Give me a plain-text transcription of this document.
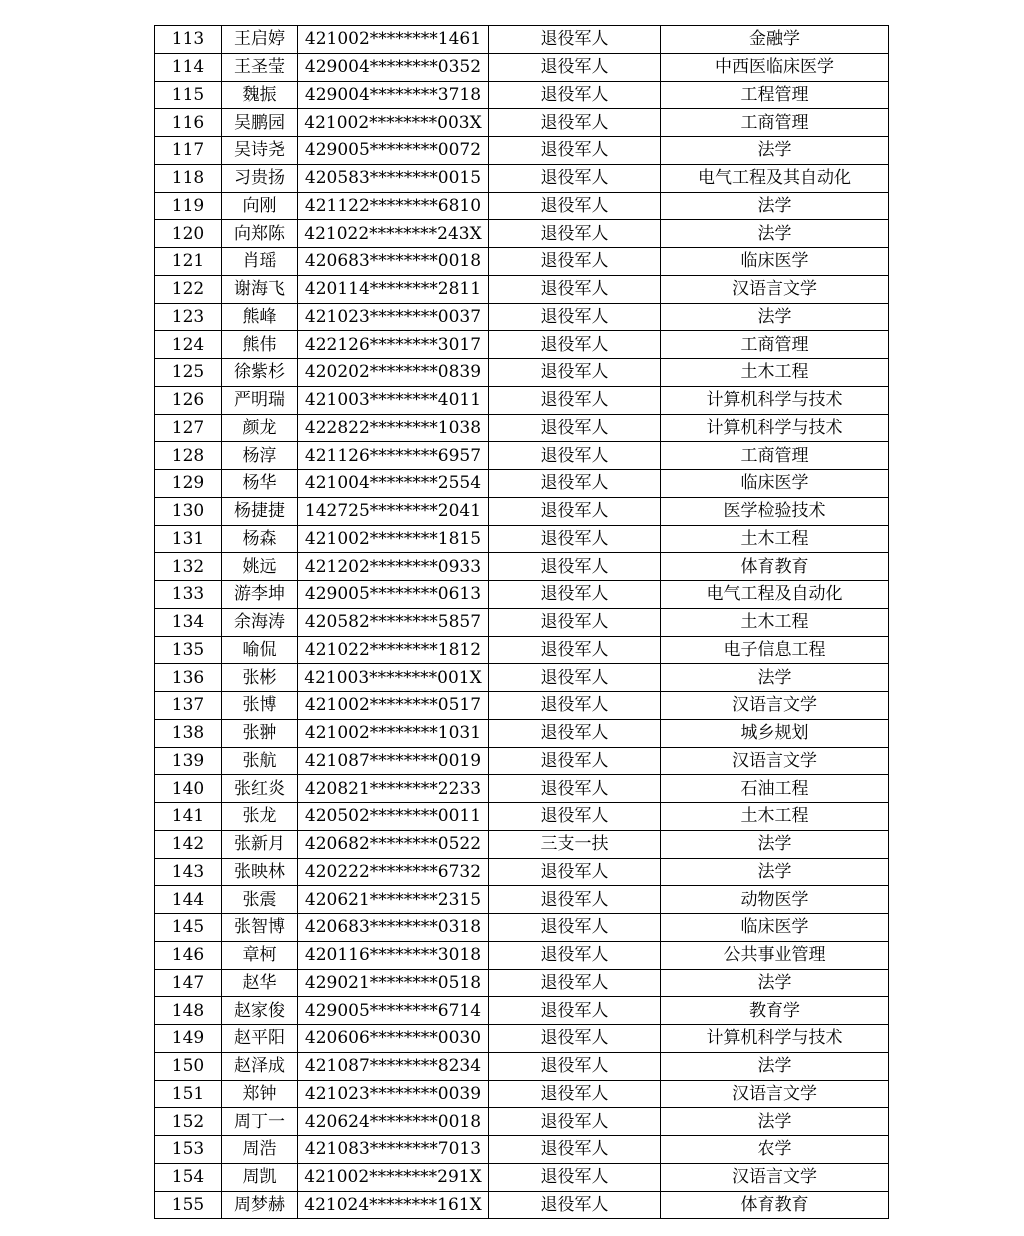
113	王启婷	421002********1461	退役军人	金融学
114	王圣莹	429004********0352	退役军人	中西医临床医学
115	魏振	429004********3718	退役军人	工程管理
116	吴鹏园	421002********003X	退役军人	工商管理
117	吴诗尧	429005********0072	退役军人	法学
118	习贵扬	420583********0015	退役军人	电气工程及其自动化
119	向刚	421122********6810	退役军人	法学
120	向郑陈	421022********243X	退役军人	法学
121	肖瑶	420683********0018	退役军人	临床医学
122	谢海飞	420114********2811	退役军人	汉语言文学
123	熊峰	421023********0037	退役军人	法学
124	熊伟	422126********3017	退役军人	工商管理
125	徐紫杉	420202********0839	退役军人	土木工程
126	严明瑞	421003********4011	退役军人	计算机科学与技术
127	颜龙	422822********1038	退役军人	计算机科学与技术
128	杨淳	421126********6957	退役军人	工商管理
129	杨华	421004********2554	退役军人	临床医学
130	杨捷捷	142725********2041	退役军人	医学检验技术
131	杨森	421002********1815	退役军人	土木工程
132	姚远	421202********0933	退役军人	体育教育
133	游李坤	429005********0613	退役军人	电气工程及自动化
134	余海涛	420582********5857	退役军人	土木工程
135	喻侃	421022********1812	退役军人	电子信息工程
136	张彬	421003********001X	退役军人	法学
137	张博	421002********0517	退役军人	汉语言文学
138	张翀	421002********1031	退役军人	城乡规划
139	张航	421087********0019	退役军人	汉语言文学
140	张红炎	420821********2233	退役军人	石油工程
141	张龙	420502********0011	退役军人	土木工程
142	张新月	420682********0522	三支一扶	法学
143	张映林	420222********6732	退役军人	法学
144	张震	420621********2315	退役军人	动物医学
145	张智博	420683********0318	退役军人	临床医学
146	章柯	420116********3018	退役军人	公共事业管理
147	赵华	429021********0518	退役军人	法学
148	赵家俊	429005********6714	退役军人	教育学
149	赵平阳	420606********0030	退役军人	计算机科学与技术
150	赵泽成	421087********8234	退役军人	法学
151	郑钟	421023********0039	退役军人	汉语言文学
152	周丁一	420624********0018	退役军人	法学
153	周浩	421083********7013	退役军人	农学
154	周凯	421002********291X	退役军人	汉语言文学
155	周梦赫	421024********161X	退役军人	体育教育
